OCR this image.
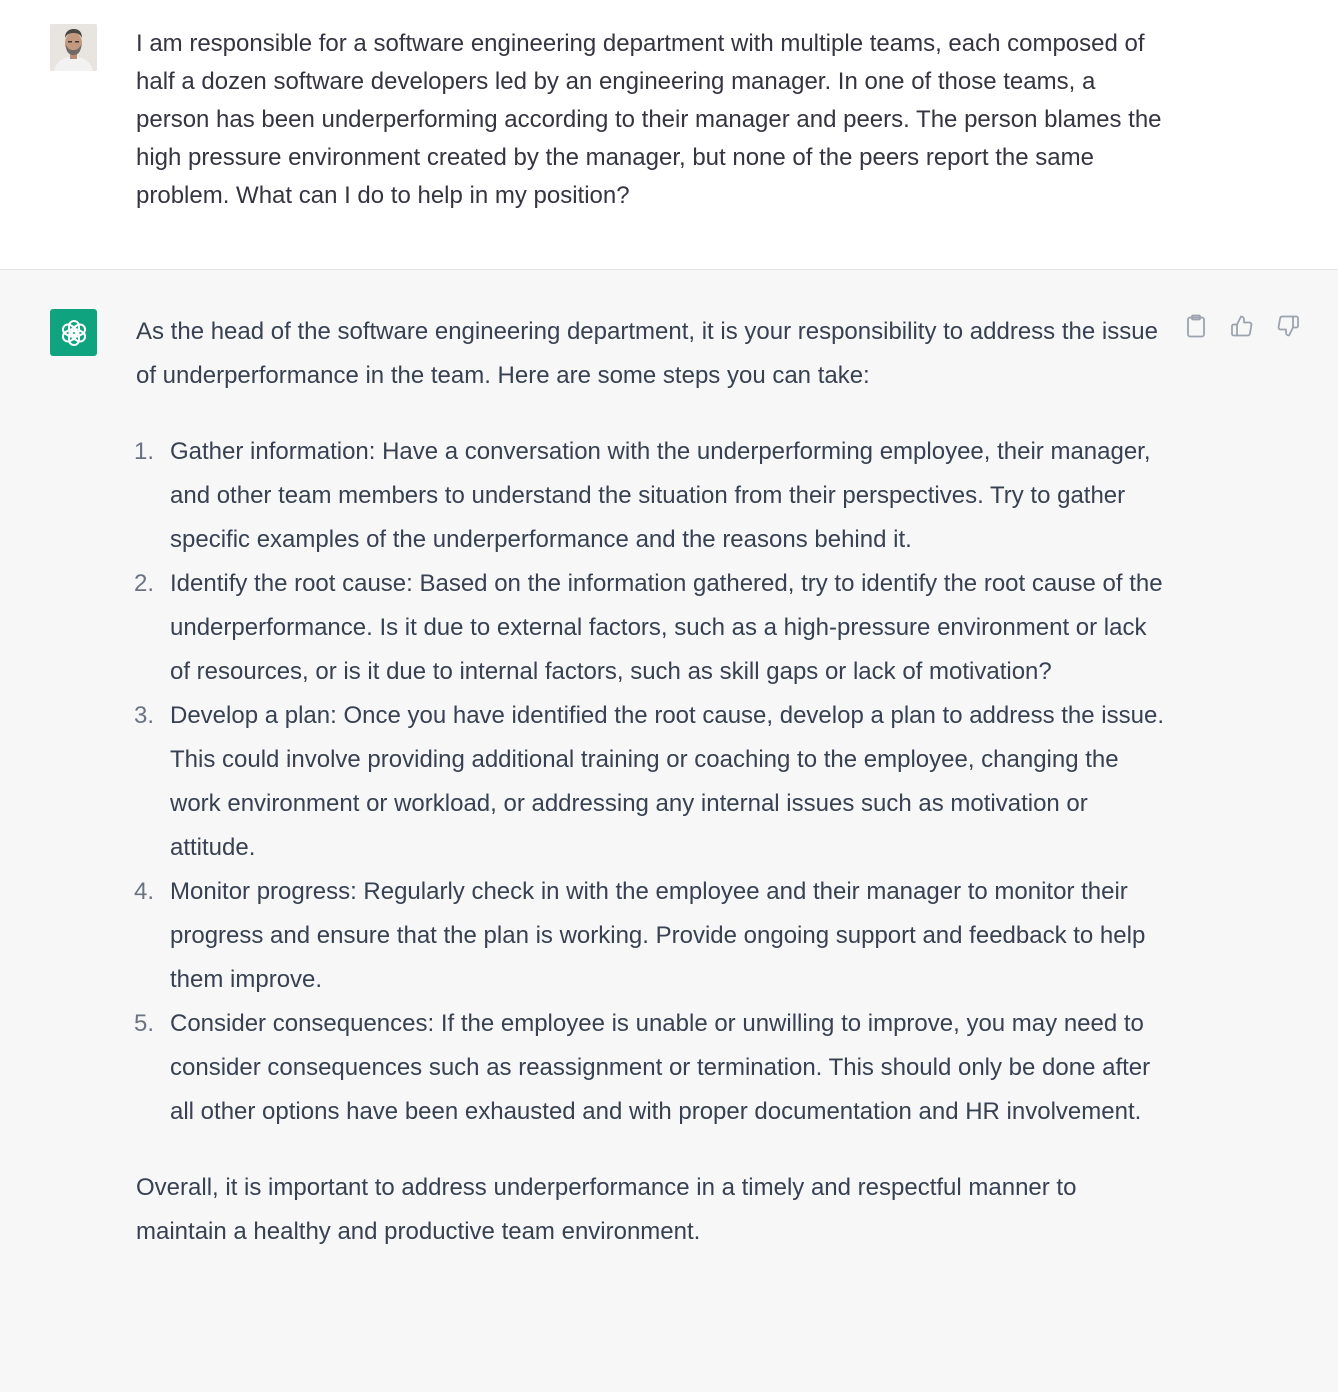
I am responsible for a software engineering department with multiple teams, each composed of half a dozen software developers led by an engineering manager. In one of those teams, a person has been underperforming according to their manager and peers. The person blames the high pressure environment created by the manager, but none of the peers report the same problem. What can I do to help in my position?

As the head of the software engineering department, it is your responsibility to address the issue of underperformance in the team. Here are some steps you can take:

1. Gather information: Have a conversation with the underperforming employee, their manager, and other team members to understand the situation from their perspectives. Try to gather specific examples of the underperformance and the reasons behind it.
2. Identify the root cause: Based on the information gathered, try to identify the root cause of the underperformance. Is it due to external factors, such as a high-pressure environment or lack of resources, or is it due to internal factors, such as skill gaps or lack of motivation?
3. Develop a plan: Once you have identified the root cause, develop a plan to address the issue. This could involve providing additional training or coaching to the employee, changing the work environment or workload, or addressing any internal issues such as motivation or attitude.
4. Monitor progress: Regularly check in with the employee and their manager to monitor their progress and ensure that the plan is working. Provide ongoing support and feedback to help them improve.
5. Consider consequences: If the employee is unable or unwilling to improve, you may need to consider consequences such as reassignment or termination. This should only be done after all other options have been exhausted and with proper documentation and HR involvement.

Overall, it is important to address underperformance in a timely and respectful manner to maintain a healthy and productive team environment.
